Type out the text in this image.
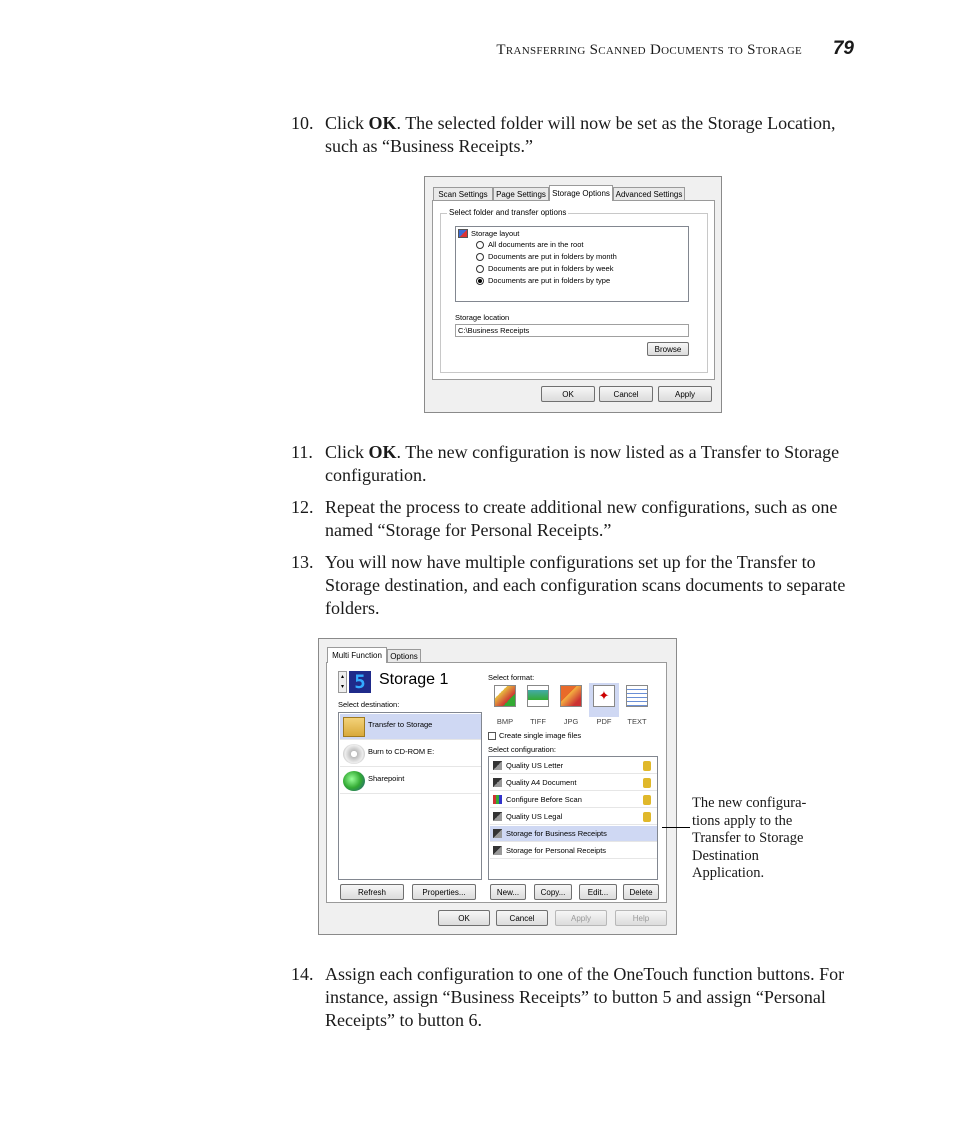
Transferring Scanned Documents to Storage 79
10. Click OK. The selected folder will now be set as the Storage Location, such as “Business Receipts.”
Scan Settings	Page Settings Storage Options Advanced Settings
Select folder and transfer options
Storage layout
All documents are in the root
Documents are put in folders by month
Documents are put in folders by week
Documents are put in folders by type
Storage location
C:\Business Receipts
Browse
OK	Cancel	Apply
11. Click OK. The new configuration is now listed as a Transfer to Storage configuration.
12. Repeat the process to create additional new configurations, such as one named “Storage for Personal Receipts.”
13. You will now have multiple configurations set up for the Transfer to Storage destination, and each configuration scans documents to separate folders.
Multi Function	Options
▴
▾ 5 Storage 1
Select destination:
Transfer to Storage
Burn to CD-ROM E:
Sharepoint
Select format:
BMP	TIFF	JPG
✦
PDF	TEXT
Create single image files
Select configuration:
Quality US Letter
Quality A4 Document
Configure Before Scan
Quality US Legal
Storage for Business Receipts
Storage for Personal Receipts
Refresh	Properties...	New...	Copy...	Edit...	Delete
OK	Cancel	Apply	Help
The new configura-tions apply to the Transfer to Storage Destination Application.
14. Assign each configuration to one of the OneTouch function buttons. For instance, assign “Business Receipts” to button 5 and assign “Personal Receipts” to button 6.
